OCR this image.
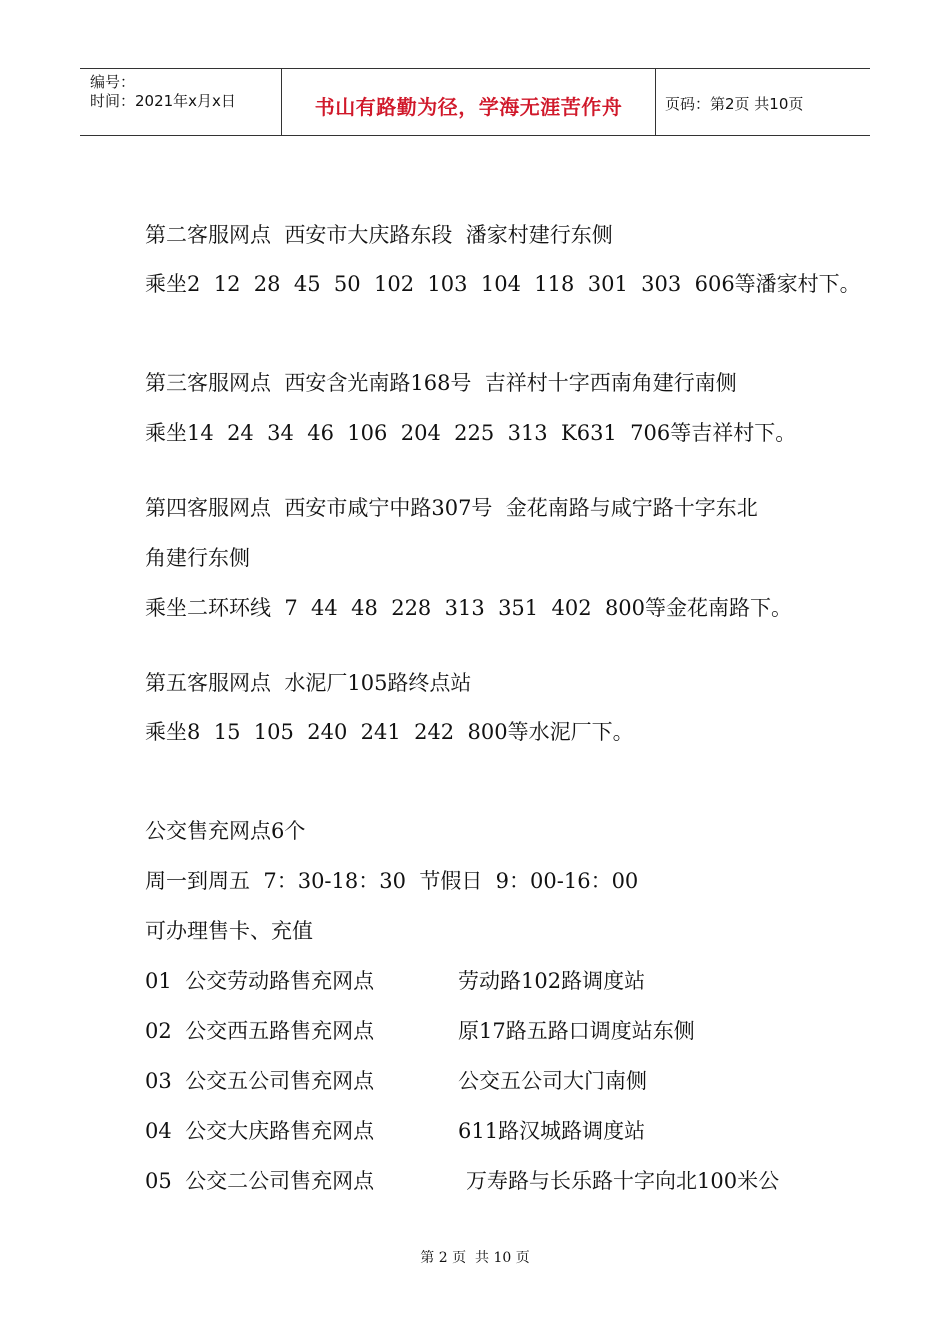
编号：
时间：2021年x月x日	书山有路勤为径，学海无涯苦作舟	页码：第2页 共10页
第二客服网点  西安市大庆路东段  潘家村建行东侧
乘坐2  12  28  45  50  102  103  104  118  301  303  606等潘家村下。
第三客服网点  西安含光南路168号  吉祥村十字西南角建行南侧
乘坐14  24  34  46  106  204  225  313  K631  706等吉祥村下。
第四客服网点  西安市咸宁中路307号  金花南路与咸宁路十字东北
角建行东侧
乘坐二环环线  7  44  48  228  313  351  402  800等金花南路下。
第五客服网点  水泥厂105路终点站
乘坐8  15  105  240  241  242  800等水泥厂下。
公交售充网点6个
周一到周五  7：30-18：30  节假日  9：00-16：00
可办理售卡、充值
01  公交劳动路售充网点	劳动路102路调度站
02  公交西五路售充网点	原17路五路口调度站东侧
03  公交五公司售充网点	公交五公司大门南侧
04  公交大庆路售充网点	611路汉城路调度站
05  公交二公司售充网点	万寿路与长乐路十字向北100米公
第 2 页  共 10 页
